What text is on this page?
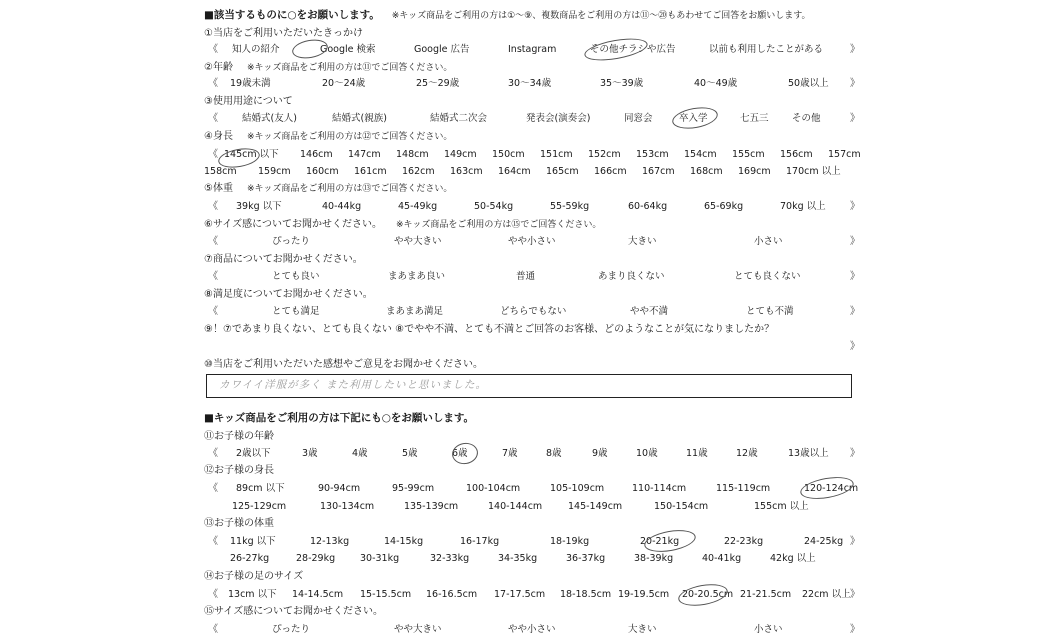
■該当するものに○をお願いします。 ※キッズ商品をご利用の方は①～⑨、複数商品をご利用の方は⑪～⑳もあわせてご回答をお願いします。
①当店をご利用いただいたきっかけ
《 知人の紹介	Google 検索	Google 広告	Instagram	その他チラシや広告	以前も利用したことがある	》
②年齢 ※キッズ商品をご利用の方は⑪でご回答ください。
《 19歳未満	20～24歳	25～29歳	30～34歳	35～39歳	40～49歳	50歳以上 》
③使用用途について
《	結婚式(友人)	結婚式(親族)	結婚式二次会	発表会(演奏会)	同窓会	卒入学	七五三 その他	》
④身長 ※キッズ商品をご利用の方は⑫でご回答ください。
《 145cm 以下 146cm 147cm 148cm 149cm 150cm 151cm 152cm 153cm 154cm 155cm 156cm 157cm
158cm 159cm 160cm 161cm 162cm 163cm 164cm 165cm 166cm 167cm 168cm 169cm 170cm 以上
⑤体重 ※キッズ商品をご利用の方は⑬でご回答ください。
《 39kg 以下	40-44kg	45-49kg	50-54kg	55-59kg	60-64kg	65-69kg	70kg 以上 》
⑥サイズ感についてお聞かせください。 ※キッズ商品をご利用の方は⑮でご回答ください。
《	ぴったり	やや大きい	やや小さい	大きい	小さい	》
⑦商品についてお聞かせください。
《	とても良い	まあまあ良い	普通	あまり良くない	とても良くない	》
⑧満足度についてお聞かせください。
《	とても満足	まあまあ満足	どちらでもない	やや不満	とても不満	》
⑨！⑦であまり良くない、とても良くない ⑧でやや不満、とても不満とご回答のお客様、どのようなことが気になりましたか？
》
⑩当店をご利用いただいた感想やご意見をお聞かせください。
■キッズ商品をご利用の方は下記にも○をお願いします。
⑪お子様の年齢
《 2歳以下	3歳	4歳	5歳	6歳	7歳	8歳	9歳	10歳	11歳	12歳	13歳以上 》
⑫お子様の身長
《 89cm 以下	90-94cm	95-99cm	100-104cm	105-109cm	110-114cm	115-119cm	120-124cm
125-129cm	130-134cm	135-139cm	140-144cm	145-149cm	150-154cm	155cm 以上
⑬お子様の体重
《 11kg 以下	12-13kg	14-15kg	16-17kg	18-19kg	20-21kg	22-23kg	24-25kg 》
26-27kg	28-29kg	30-31kg	32-33kg	34-35kg	36-37kg	38-39kg	40-41kg	42kg 以上
⑭お子様の足のサイズ
《 13cm 以下 14-14.5cm 15-15.5cm 16-16.5cm 17-17.5cm 18-18.5cm 19-19.5cm 20-20.5cm 21-21.5cm 22cm 以上 》
⑮サイズ感についてお聞かせください。
《	ぴったり	やや大きい	やや小さい	大きい	小さい	》
カワイイ洋服が多く また利用したいと思いました。
